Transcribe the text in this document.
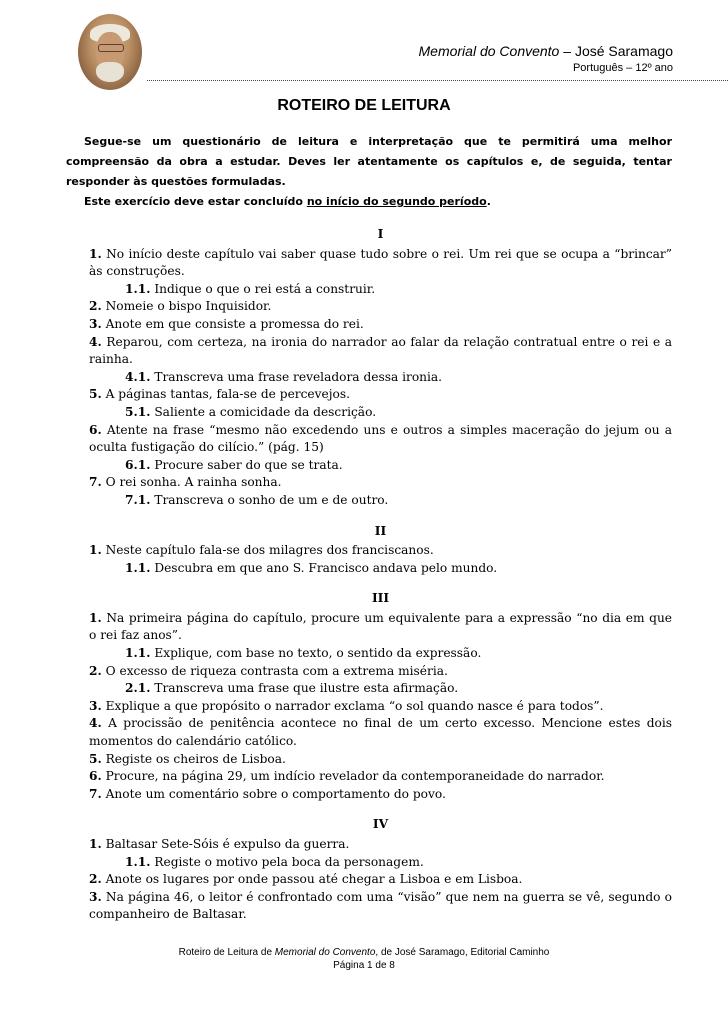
Memorial do Convento – José Saramago
Português – 12º ano
ROTEIRO DE LEITURA

Segue-se um questionário de leitura e interpretação que te permitirá uma melhor compreensão da obra a estudar. Deves ler atentamente os capítulos e, de seguida, tentar responder às questões formuladas.

Este exercício deve estar concluído no início do segundo período.

I
1. No início deste capítulo vai saber quase tudo sobre o rei. Um rei que se ocupa a “brincar” às construções.
1.1. Indique o que o rei está a construir.
2. Nomeie o bispo Inquisidor.
3. Anote em que consiste a promessa do rei.
4. Reparou, com certeza, na ironia do narrador ao falar da relação contratual entre o rei e a rainha.
4.1. Transcreva uma frase reveladora dessa ironia.
5. A páginas tantas, fala-se de percevejos.
5.1. Saliente a comicidade da descrição.
6. Atente na frase “mesmo não excedendo uns e outros a simples maceração do jejum ou a oculta fustigação do cilício.” (pág. 15)
6.1. Procure saber do que se trata.
7. O rei sonha. A rainha sonha.
7.1. Transcreva o sonho de um e de outro.
II
1. Neste capítulo fala-se dos milagres dos franciscanos.
1.1. Descubra em que ano S. Francisco andava pelo mundo.
III
1. Na primeira página do capítulo, procure um equivalente para a expressão “no dia em que o rei faz anos”.
1.1. Explique, com base no texto, o sentido da expressão.
2. O excesso de riqueza contrasta com a extrema miséria.
2.1. Transcreva uma frase que ilustre esta afirmação.
3. Explique a que propósito o narrador exclama “o sol quando nasce é para todos”.
4. A procissão de penitência acontece no final de um certo excesso. Mencione estes dois momentos do calendário católico.
5. Registe os cheiros de Lisboa.
6. Procure, na página 29, um indício revelador da contemporaneidade do narrador.
7. Anote um comentário sobre o comportamento do povo.
IV
1. Baltasar Sete-Sóis é expulso da guerra.
1.1. Registe o motivo pela boca da personagem.
2. Anote os lugares por onde passou até chegar a Lisboa e em Lisboa.
3. Na página 46, o leitor é confrontado com uma “visão” que nem na guerra se vê, segundo o companheiro de Baltasar.
Roteiro de Leitura de Memorial do Convento, de José Saramago, Editorial Caminho
Página 1 de 8
